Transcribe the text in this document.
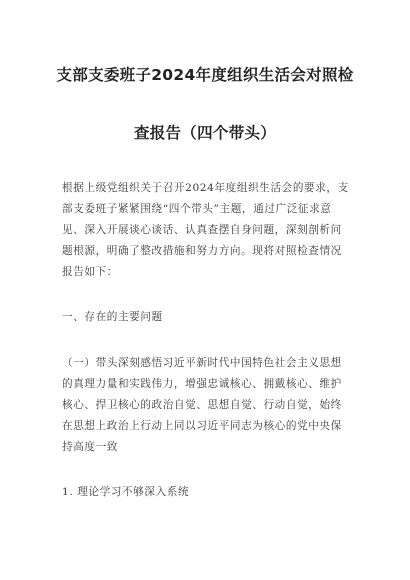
支部支委班子2024年度组织生活会对照检
查报告（四个带头）
根据上级党组织关于召开2024年度组织生活会的要求，支
部支委班子紧紧围绕“四个带头”主题，通过广泛征求意
见、深入开展谈心谈话、认真查摆自身问题，深刻剖析问
题根源，明确了整改措施和努力方向。现将对照检查情况
报告如下：
一、存在的主要问题
（一）带头深刻感悟习近平新时代中国特色社会主义思想
的真理力量和实践伟力，增强忠诚核心、拥戴核心、维护
核心、捍卫核心的政治自觉、思想自觉、行动自觉，始终
在思想上政治上行动上同以习近平同志为核心的党中央保
持高度一致
1. 理论学习不够深入系统
